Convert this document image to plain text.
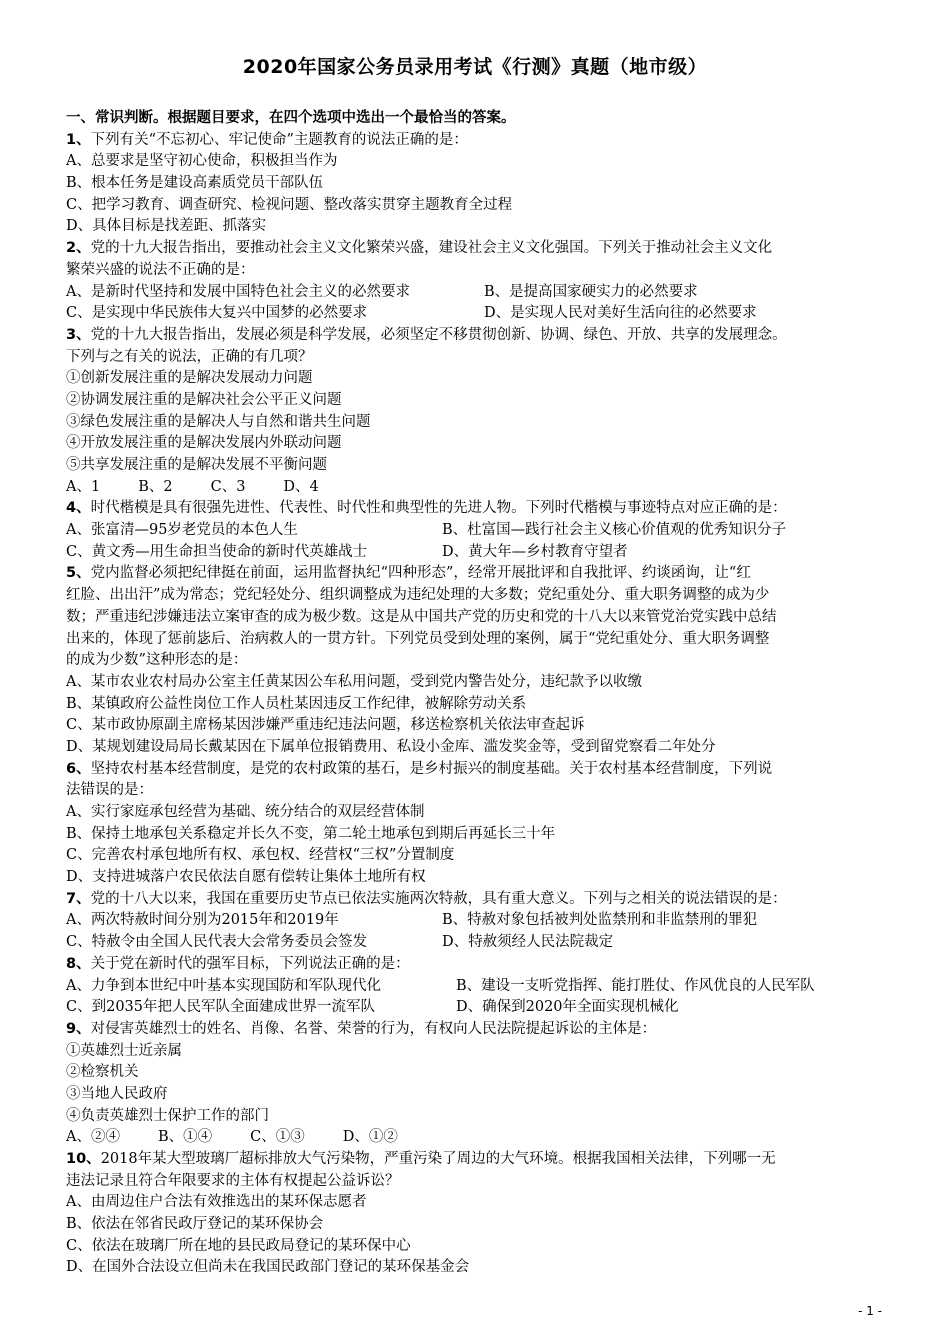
2020年国家公务员录用考试《行测》真题（地市级）
一、常识判断。根据题目要求，在四个选项中选出一个最恰当的答案。
1、下列有关“不忘初心、牢记使命”主题教育的说法正确的是：
A、总要求是坚守初心使命，积极担当作为
B、根本任务是建设高素质党员干部队伍
C、把学习教育、调查研究、检视问题、整改落实贯穿主题教育全过程
D、具体目标是找差距、抓落实
2、党的十九大报告指出，要推动社会主义文化繁荣兴盛，建设社会主义文化强国。下列关于推动社会主义文化
繁荣兴盛的说法不正确的是：
A、是新时代坚持和发展中国特色社会主义的必然要求	B、是提高国家硬实力的必然要求
C、是实现中华民族伟大复兴中国梦的必然要求	D、是实现人民对美好生活向往的必然要求
3、党的十九大报告指出，发展必须是科学发展，必须坚定不移贯彻创新、协调、绿色、开放、共享的发展理念。
下列与之有关的说法，正确的有几项？
①创新发展注重的是解决发展动力问题
②协调发展注重的是解决社会公平正义问题
③绿色发展注重的是解决人与自然和谐共生问题
④开放发展注重的是解决发展内外联动问题
⑤共享发展注重的是解决发展不平衡问题
A、1	B、2	C、3	D、4
4、时代楷模是具有很强先进性、代表性、时代性和典型性的先进人物。下列时代楷模与事迹特点对应正确的是：
A、张富清—95岁老党员的本色人生	B、杜富国—践行社会主义核心价值观的优秀知识分子
C、黄文秀—用生命担当使命的新时代英雄战士	D、黄大年—乡村教育守望者
5、党内监督必须把纪律挺在前面，运用监督执纪“四种形态”，经常开展批评和自我批评、约谈函询，让“红
红脸、出出汗”成为常态；党纪轻处分、组织调整成为违纪处理的大多数；党纪重处分、重大职务调整的成为少
数；严重违纪涉嫌违法立案审查的成为极少数。这是从中国共产党的历史和党的十八大以来管党治党实践中总结
出来的，体现了惩前毖后、治病救人的一贯方针。下列党员受到处理的案例，属于“党纪重处分、重大职务调整
的成为少数”这种形态的是：
A、某市农业农村局办公室主任黄某因公车私用问题，受到党内警告处分，违纪款予以收缴
B、某镇政府公益性岗位工作人员杜某因违反工作纪律，被解除劳动关系
C、某市政协原副主席杨某因涉嫌严重违纪违法问题，移送检察机关依法审查起诉
D、某规划建设局局长戴某因在下属单位报销费用、私设小金库、滥发奖金等，受到留党察看二年处分
6、坚持农村基本经营制度，是党的农村政策的基石，是乡村振兴的制度基础。关于农村基本经营制度，下列说
法错误的是：
A、实行家庭承包经营为基础、统分结合的双层经营体制
B、保持土地承包关系稳定并长久不变，第二轮土地承包到期后再延长三十年
C、完善农村承包地所有权、承包权、经营权“三权”分置制度
D、支持进城落户农民依法自愿有偿转让集体土地所有权
7、党的十八大以来，我国在重要历史节点已依法实施两次特赦，具有重大意义。下列与之相关的说法错误的是：
A、两次特赦时间分别为2015年和2019年	B、特赦对象包括被判处监禁刑和非监禁刑的罪犯
C、特赦令由全国人民代表大会常务委员会签发	D、特赦须经人民法院裁定
8、关于党在新时代的强军目标，下列说法正确的是：
A、力争到本世纪中叶基本实现国防和军队现代化	B、建设一支听党指挥、能打胜仗、作风优良的人民军队
C、到2035年把人民军队全面建成世界一流军队	D、确保到2020年全面实现机械化
9、对侵害英雄烈士的姓名、肖像、名誉、荣誉的行为，有权向人民法院提起诉讼的主体是：
①英雄烈士近亲属
②检察机关
③当地人民政府
④负责英雄烈士保护工作的部门
A、②④	B、①④	C、①③	D、①②
10、2018年某大型玻璃厂超标排放大气污染物，严重污染了周边的大气环境。根据我国相关法律，下列哪一无
违法记录且符合年限要求的主体有权提起公益诉讼？
A、由周边住户合法有效推选出的某环保志愿者
B、依法在邻省民政厅登记的某环保协会
C、依法在玻璃厂所在地的县民政局登记的某环保中心
D、在国外合法设立但尚未在我国民政部门登记的某环保基金会
- 1 -
